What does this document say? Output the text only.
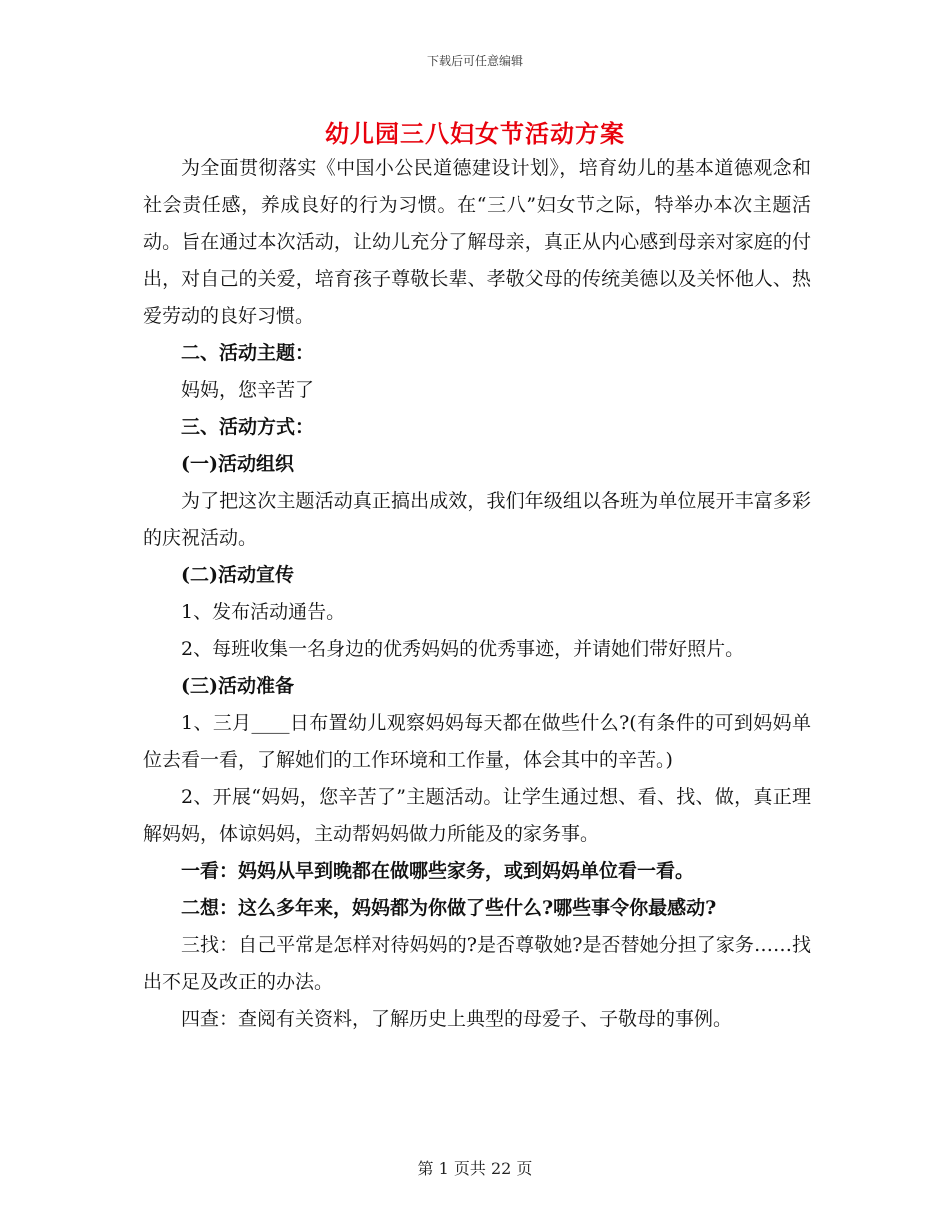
下载后可任意编辑
幼儿园三八妇女节活动方案

为全面贯彻落实《中国小公民道德建设计划》，培育幼儿的基本道德观念和社会责任感，养成良好的行为习惯。在“三八”妇女节之际，特举办本次主题活动。旨在通过本次活动，让幼儿充分了解母亲，真正从内心感到母亲对家庭的付出，对自己的关爱，培育孩子尊敬长辈、孝敬父母的传统美德以及关怀他人、热爱劳动的良好习惯。

二、活动主题：

妈妈，您辛苦了

三、活动方式：

(一)活动组织

为了把这次主题活动真正搞出成效，我们年级组以各班为单位展开丰富多彩的庆祝活动。

(二)活动宣传

1、发布活动通告。

2、每班收集一名身边的优秀妈妈的优秀事迹，并请她们带好照片。

(三)活动准备

1、三月____日布置幼儿观察妈妈每天都在做些什么?(有条件的可到妈妈单位去看一看，了解她们的工作环境和工作量，体会其中的辛苦。)

2、开展“妈妈，您辛苦了”主题活动。让学生通过想、看、找、做，真正理解妈妈，体谅妈妈，主动帮妈妈做力所能及的家务事。

一看：妈妈从早到晚都在做哪些家务，或到妈妈单位看一看。

二想：这么多年来，妈妈都为你做了些什么?哪些事令你最感动?

三找：自己平常是怎样对待妈妈的?是否尊敬她?是否替她分担了家务……找出不足及改正的办法。

四查：查阅有关资料，了解历史上典型的母爱子、子敬母的事例。

第 1 页共 22 页
